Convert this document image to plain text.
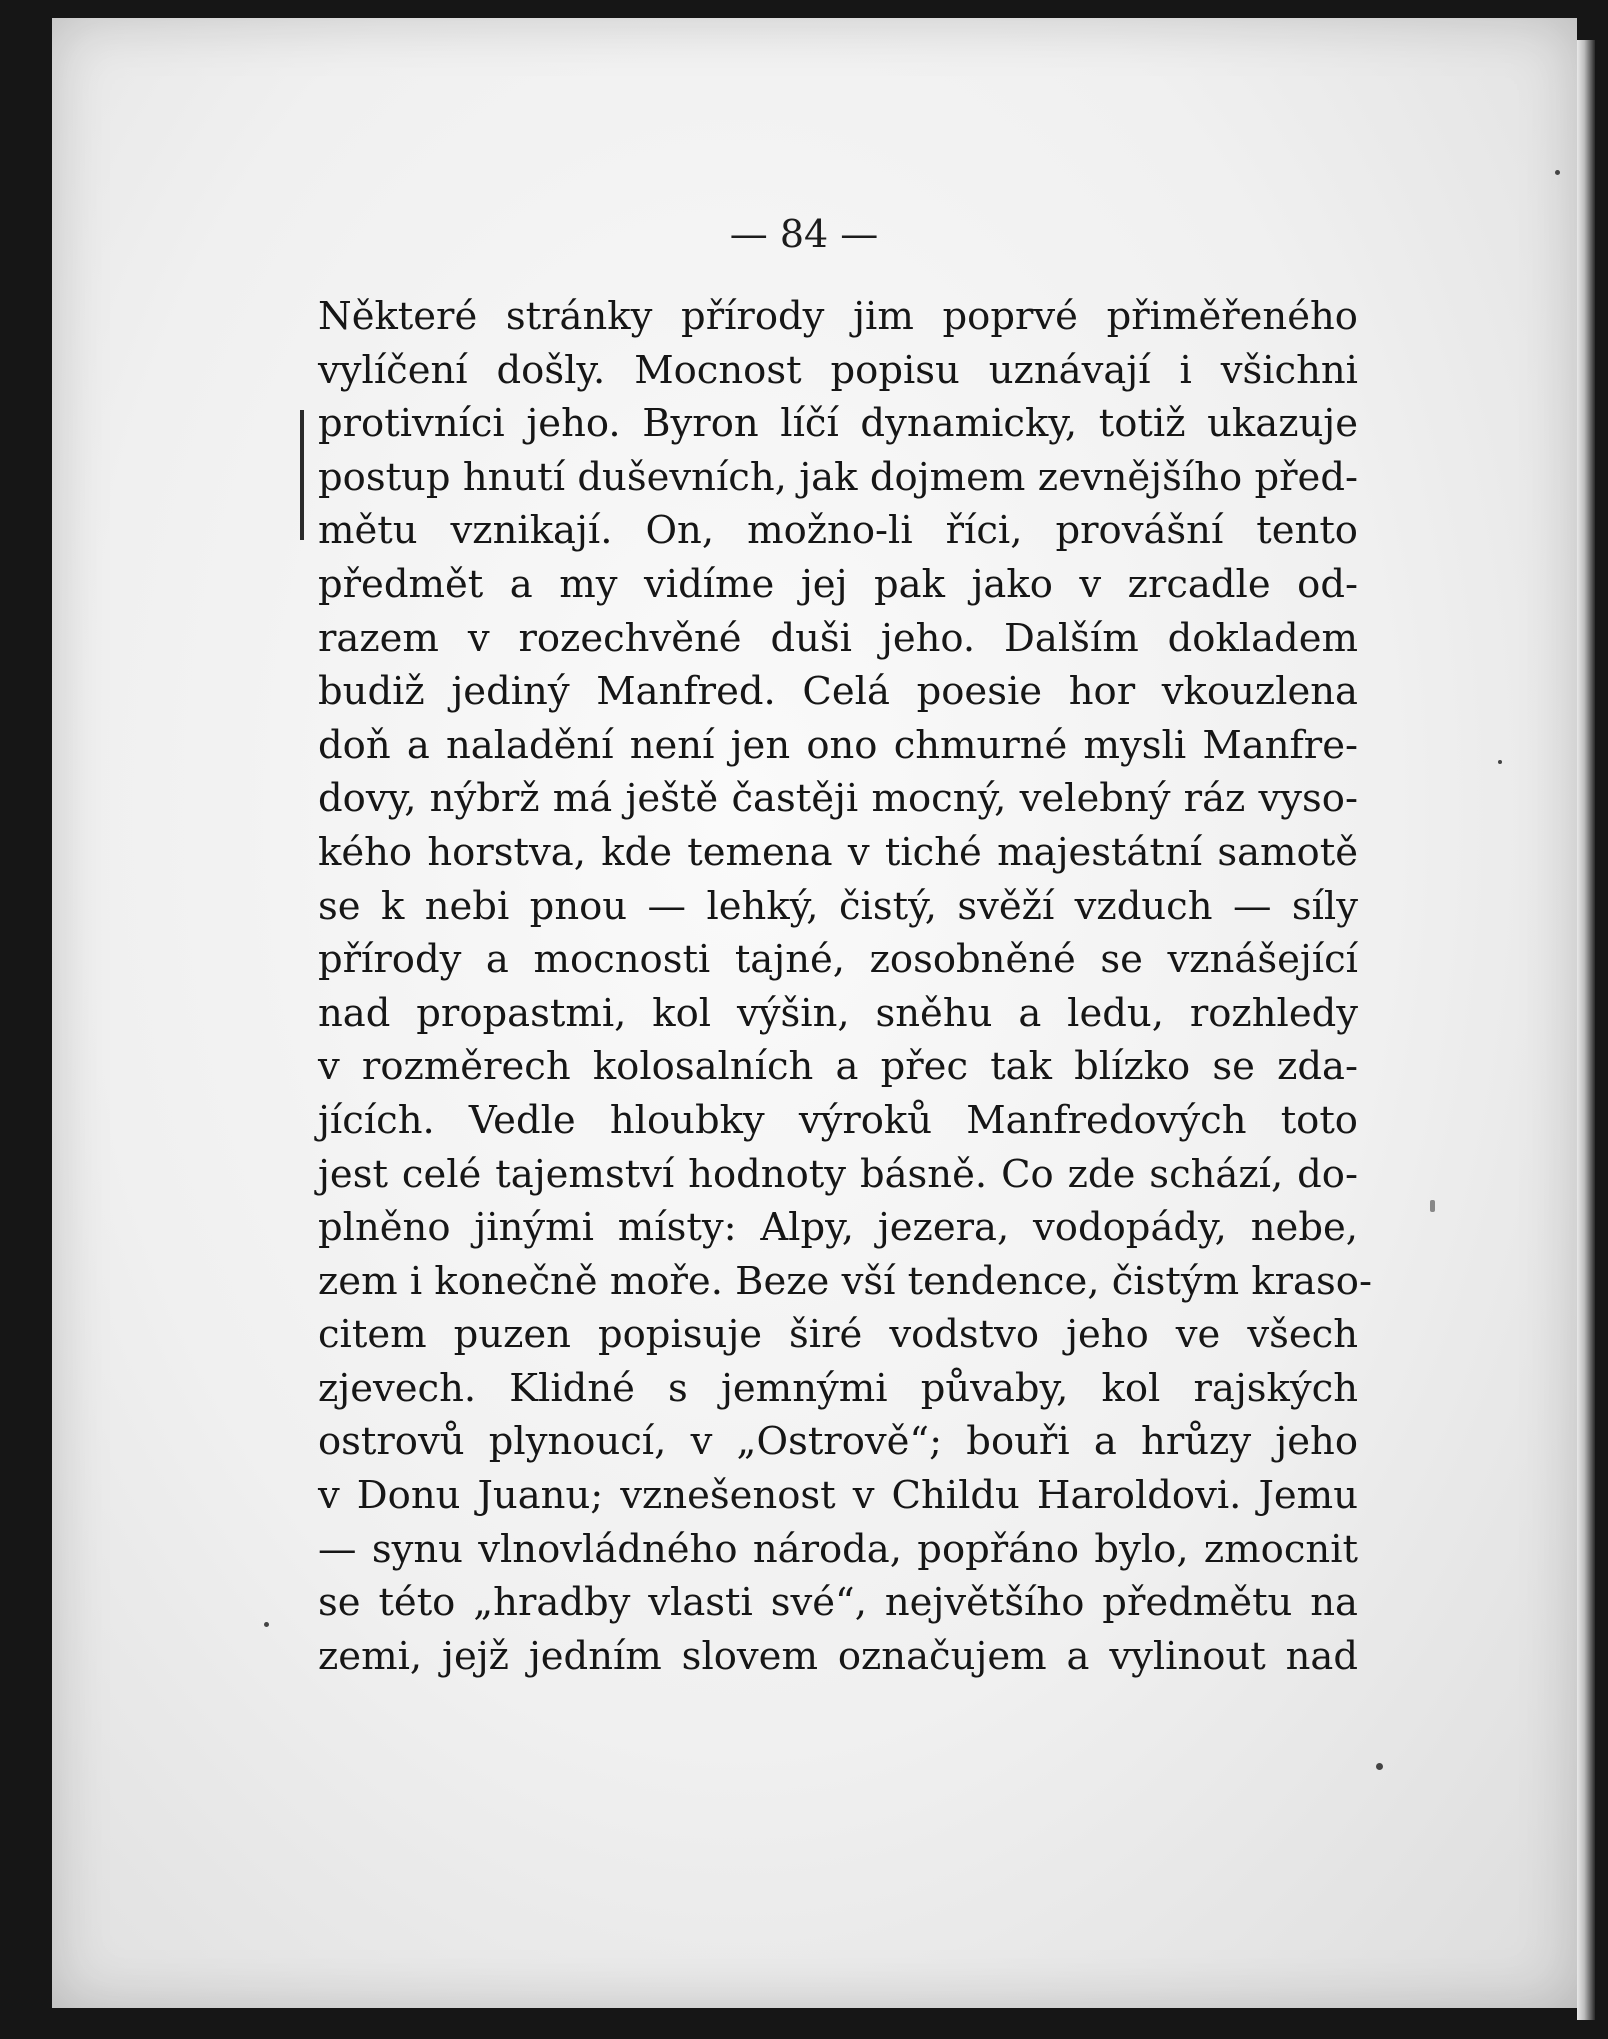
— 84 —
Některé stránky přírody jim poprvé přiměřeného
vylíčení došly. Mocnost popisu uznávají i všichni
protivníci jeho. Byron líčí dynamicky, totiž ukazuje
postup hnutí duševních, jak dojmem zevnějšího před-
mětu vznikají. On, možno-li říci, provášní tento
předmět a my vidíme jej pak jako v zrcadle od-
razem v rozechvěné duši jeho. Dalším dokladem
budiž jediný Manfred. Celá poesie hor vkouzlena
doň a naladění není jen ono chmurné mysli Manfre-
dovy, nýbrž má ještě častěji mocný, velebný ráz vyso-
kého horstva, kde temena v tiché majestátní samotě
se k nebi pnou — lehký, čistý, svěží vzduch — síly
přírody a mocnosti tajné, zosobněné se vznášející
nad propastmi, kol výšin, sněhu a ledu, rozhledy
v rozměrech kolosalních a přec tak blízko se zda-
jících. Vedle hloubky výroků Manfredových toto
jest celé tajemství hodnoty básně. Co zde schází, do-
plněno jinými místy: Alpy, jezera, vodopády, nebe,
zem i konečně moře. Beze vší tendence, čistým kraso-
citem puzen popisuje širé vodstvo jeho ve všech
zjevech. Klidné s jemnými půvaby, kol rajských
ostrovů plynoucí, v „Ostrově“; bouři a hrůzy jeho
v Donu Juanu; vznešenost v Childu Haroldovi. Jemu
— synu vlnovládného národa, popřáno bylo, zmocnit
se této „hradby vlasti své“, největšího předmětu na
zemi, jejž jedním slovem označujem a vylinout nad
